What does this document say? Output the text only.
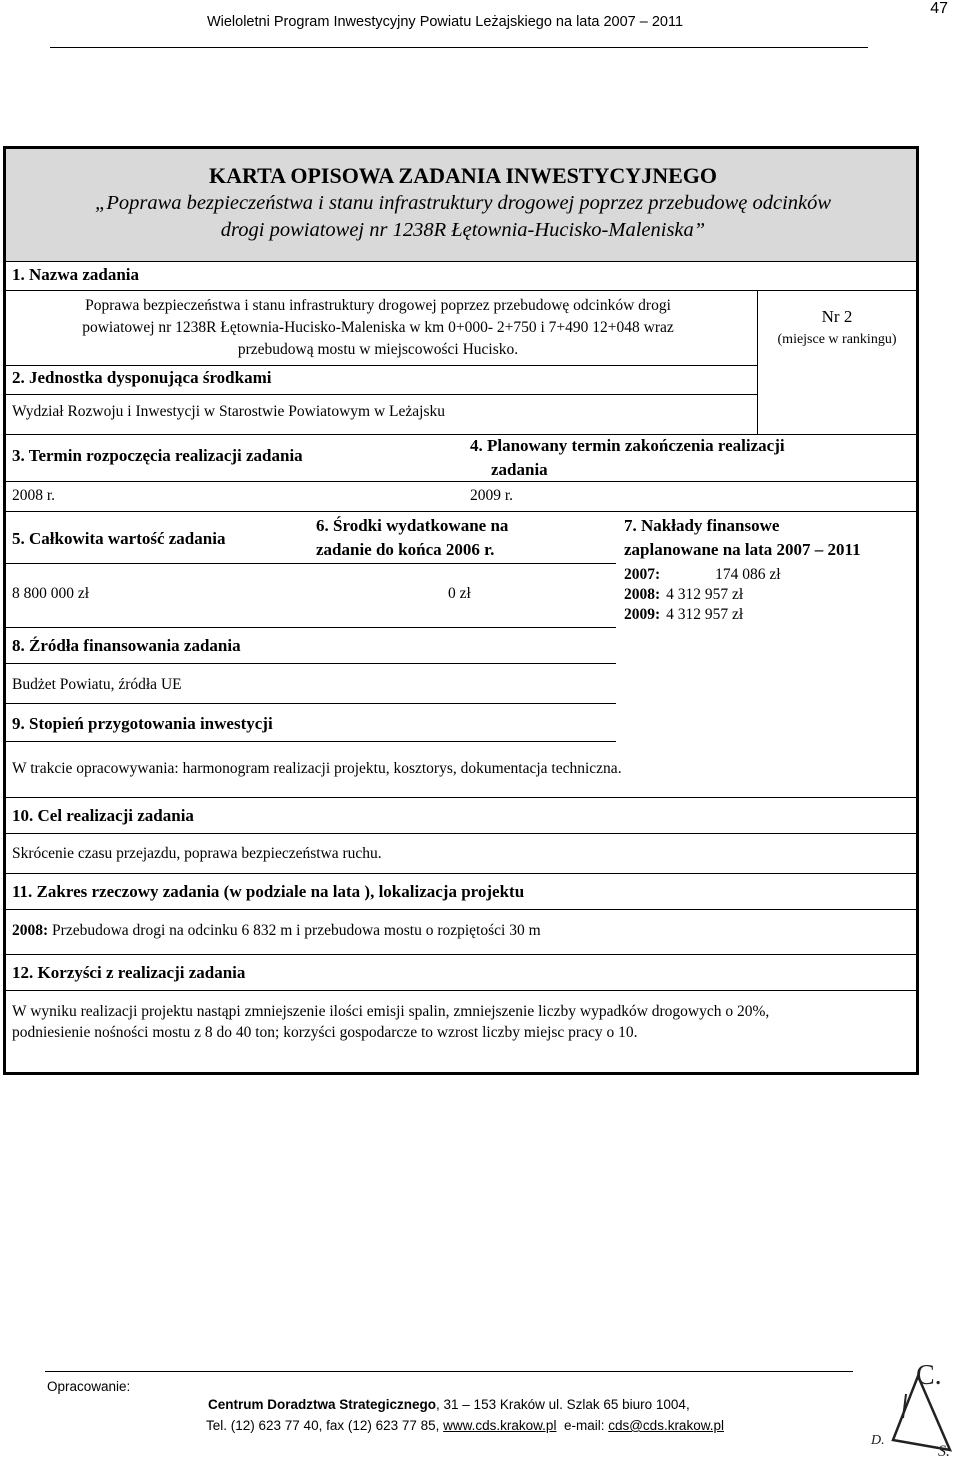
47
Wieloletni Program Inwestycyjny Powiatu Leżajskiego na lata 2007 – 2011
KARTA OPISOWA ZADANIA INWESTYCYJNEGO
„Poprawa bezpieczeństwa i stanu infrastruktury drogowej poprzez przebudowę odcinków
drogi powiatowej nr 1238R Łętownia-Hucisko-Maleniska”
1. Nazwa zadania
Poprawa bezpieczeństwa i stanu infrastruktury drogowej poprzez przebudowę odcinków drogi
powiatowej nr 1238R Łętownia-Hucisko-Maleniska w km 0+000- 2+750 i 7+490 12+048 wraz
przebudową mostu w miejscowości Hucisko.
Nr 2
(miejsce w rankingu)
2. Jednostka dysponująca środkami
Wydział Rozwoju i Inwestycji w Starostwie Powiatowym w Leżajsku
3. Termin rozpoczęcia realizacji zadania
4. Planowany termin zakończenia realizacji
zadania
2008 r.	2009 r.
5. Całkowita wartość zadania
6. Środki wydatkowane na
zadanie do końca 2006 r.
7. Nakłady finansowe
zaplanowane na lata 2007 – 2011
8 800 000 zł	0 zł
2007:	174 086 zł
2008: 4 312 957 zł
2009: 4 312 957 zł
8. Źródła finansowania zadania
Budżet Powiatu, źródła UE
9. Stopień przygotowania inwestycji
W trakcie opracowywania: harmonogram realizacji projektu, kosztorys, dokumentacja techniczna.
10. Cel realizacji zadania
Skrócenie czasu przejazdu, poprawa bezpieczeństwa ruchu.
11. Zakres rzeczowy zadania (w podziale na lata ), lokalizacja projektu
2008: Przebudowa drogi na odcinku 6 832 m i przebudowa mostu o rozpiętości 30 m
12. Korzyści z realizacji zadania
W wyniku realizacji projektu nastąpi zmniejszenie ilości emisji spalin, zmniejszenie liczby wypadków drogowych o 20%,
podniesienie nośności mostu z 8 do 40 ton; korzyści gospodarcze to wzrost liczby miejsc pracy o 10.
Opracowanie:
Centrum Doradztwa Strategicznego, 31 – 153 Kraków ul. Szlak 65 biuro 1004,
Tel. (12) 623 77 40, fax (12) 623 77 85, www.cds.krakow.pl  e-mail: cds@cds.krakow.pl
C.
D.
S.
